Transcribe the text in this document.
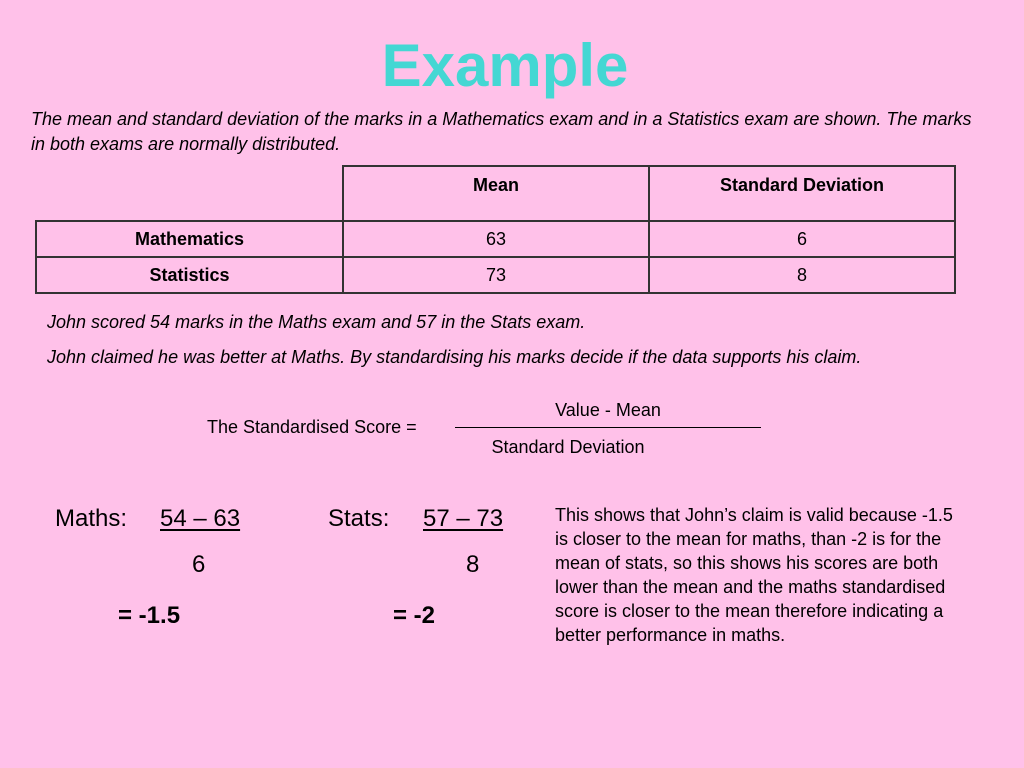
Example
The mean and standard deviation of the marks in a Mathematics exam and in a Statistics exam are shown. The marks in both exams are normally distributed.
	Mean	Standard Deviation
Mathematics	63	6
Statistics	73	8
John scored 54 marks in the Maths exam and 57 in the Stats exam.
John claimed he was better at Maths. By standardising his marks decide if the data supports his claim.
The Standardised Score =
Value - Mean
Standard Deviation
Maths: 54 – 63
6
= -1.5
Stats: 57 – 73
8
= -2
This shows that John’s claim is valid because -1.5 is closer to the mean for maths, than -2 is for the mean of stats, so this shows his scores are both lower than the mean and the maths standardised score is closer to the mean therefore indicating a better performance in maths.
